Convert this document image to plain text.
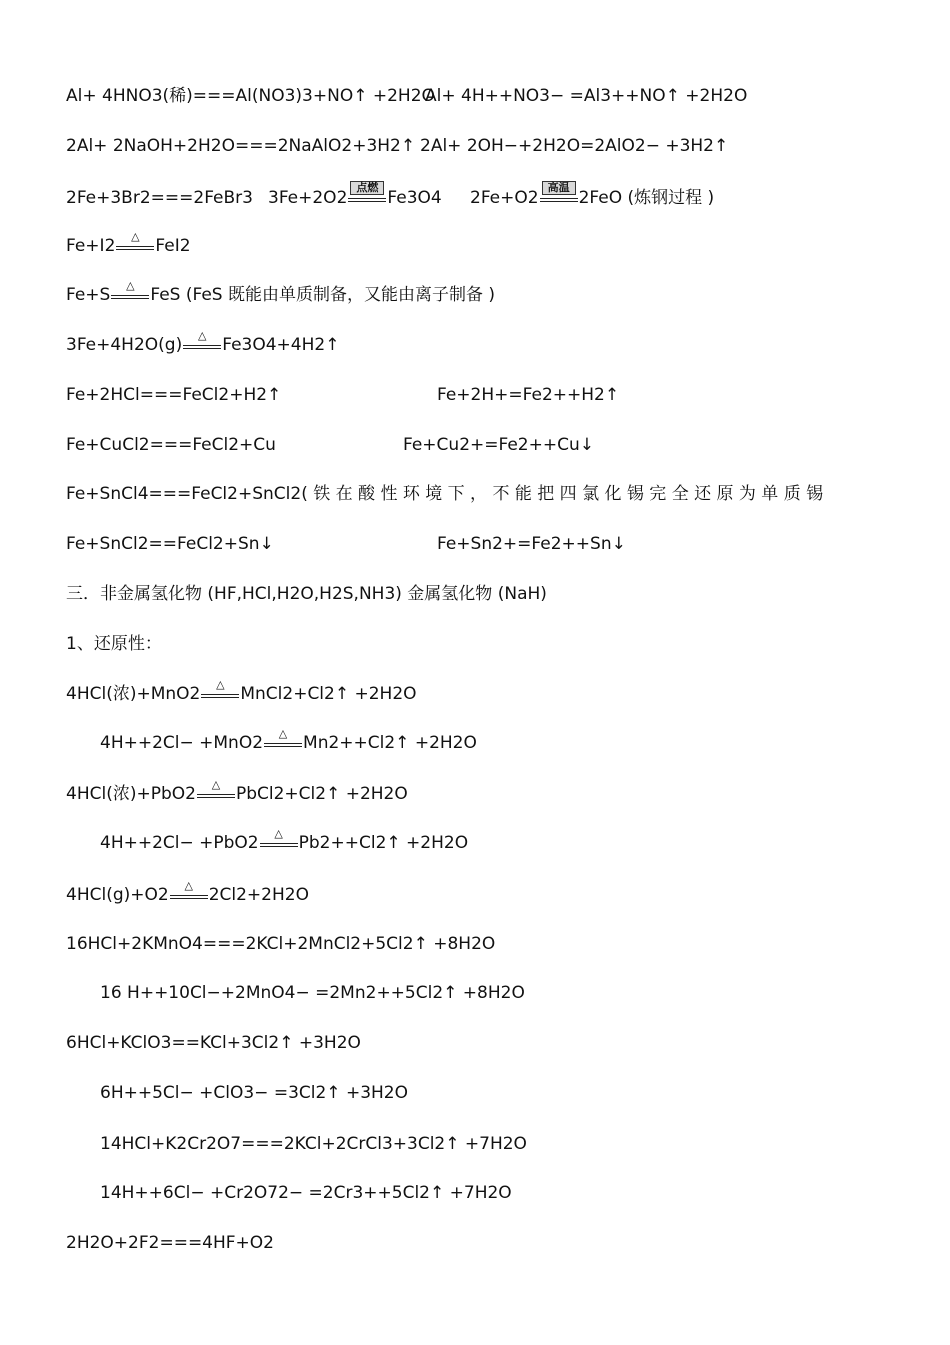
Al+ 4HNO3(稀)===Al(NO3)3+NO↑ +2H2O
Al+ 4H++NO3− =Al3++NO↑ +2H2O
2Al+ 2NaOH+2H2O===2NaAlO2+3H2↑ 2Al+ 2OH−+2H2O=2AlO2− +3H2↑
2Fe+3Br2===2FeBr3 3Fe+2O2
点燃
Fe3O4 2Fe+O2
高温
2FeO (炼钢过程 )
Fe+I2	△ FeI2
Fe+S	△ FeS (FeS 既能由单质制备，又能由离子制备 )
3Fe+4H2O(g)	△ Fe3O4+4H2↑
Fe+2HCl===FeCl2+H2↑	Fe+2H+=Fe2++H2↑
Fe+CuCl2===FeCl2+Cu	Fe+Cu2+=Fe2++Cu↓
Fe+SnCl4===FeCl2+SnCl2( 铁 在 酸 性 环 境 下 ， 不 能 把 四 氯 化 锡 完 全 还 原 为 单 质 锡
Fe+SnCl2==FeCl2+Sn↓	Fe+Sn2+=Fe2++Sn↓
三．非金属氢化物 (HF,HCl,H2O,H2S,NH3) 金属氢化物 (NaH)
1、还原性：
4HCl(浓)+MnO2	△ MnCl2+Cl2↑ +2H2O
4H++2Cl− +MnO2	△ Mn2++Cl2↑ +2H2O
4HCl(浓)+PbO2	△ PbCl2+Cl2↑ +2H2O
4H++2Cl− +PbO2	△ Pb2++Cl2↑ +2H2O
4HCl(g)+O2	△ 2Cl2+2H2O
16HCl+2KMnO4===2KCl+2MnCl2+5Cl2↑ +8H2O
16 H++10Cl−+2MnO4− =2Mn2++5Cl2↑ +8H2O
6HCl+KClO3==KCl+3Cl2↑ +3H2O
6H++5Cl− +ClO3− =3Cl2↑ +3H2O
14HCl+K2Cr2O7===2KCl+2CrCl3+3Cl2↑ +7H2O
14H++6Cl− +Cr2O72− =2Cr3++5Cl2↑ +7H2O
2H2O+2F2===4HF+O2
